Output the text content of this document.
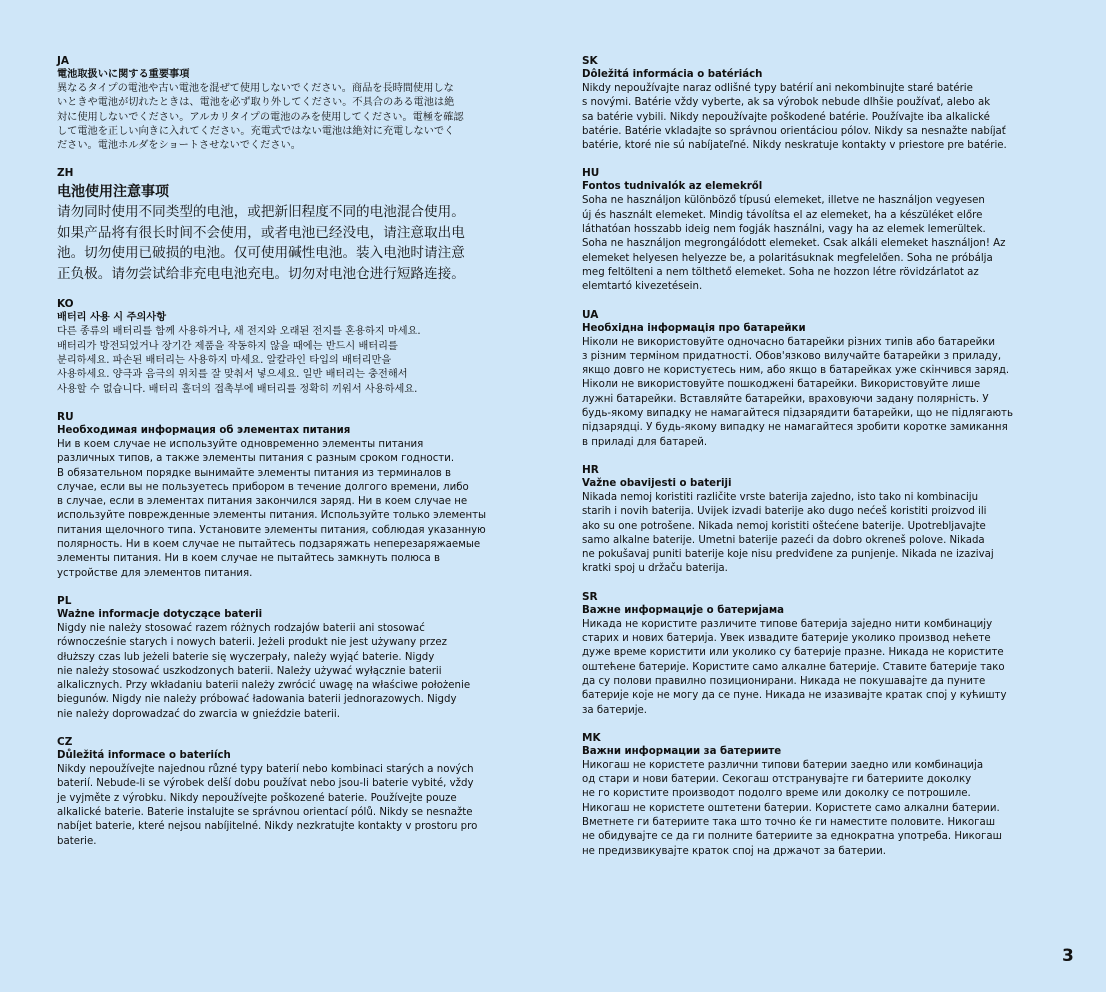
JA
電池取扱いに関する重要事項
異なるタイプの電池や古い電池を混ぜて使用しないでください。商品を長時間使用しな
いときや電池が切れたときは、電池を必ず取り外してください。不具合のある電池は絶
対に使用しないでください。アルカリタイプの電池のみを使用してください。電極を確認
して電池を正しい向きに入れてください。充電式ではない電池は絶対に充電しないでく
ださい。電池ホルダをショートさせないでください。
ZH
电池使用注意事项
请勿同时使用不同类型的电池，或把新旧程度不同的电池混合使用。
如果产品将有很长时间不会使用，或者电池已经没电，请注意取出电
池。切勿使用已破损的电池。仅可使用碱性电池。装入电池时请注意
正负极。请勿尝试给非充电电池充电。切勿对电池仓进行短路连接。
KO
배터리 사용 시 주의사항
다른 종류의 배터리를 함께 사용하거나, 새 전지와 오래된 전지를 혼용하지 마세요.
배터리가 방전되었거나 장기간 제품을 작동하지 않을 때에는 반드시 배터리를
분리하세요. 파손된 배터리는 사용하지 마세요. 알칼라인 타입의 배터리만을
사용하세요. 양극과 음극의 위치를 잘 맞춰서 넣으세요. 일반 배터리는 충전해서
사용할 수 없습니다. 배터리 홀더의 접촉부에 배터리를 정확히 끼워서 사용하세요.
RU
Необходимая информация об элементах питания
Ни в коем случае не используйте одновременно элементы питания
различных типов, а также элементы питания с разным сроком годности.
В обязательном порядке вынимайте элементы питания из терминалов в
случае, если вы не пользуетесь прибором в течение долгого времени, либо
в случае, если в элементах питания закончился заряд. Ни в коем случае не
используйте поврежденные элементы питания. Используйте только элементы
питания щелочного типа. Установите элементы питания, соблюдая указанную
полярность. Ни в коем случае не пытайтесь подзаряжать неперезаряжаемые
элементы питания. Ни в коем случае не пытайтесь замкнуть полюса в
устройстве для элементов питания.
PL
Ważne informacje dotyczące baterii
Nigdy nie należy stosować razem różnych rodzajów baterii ani stosować
równocześnie starych i nowych baterii. Jeżeli produkt nie jest używany przez
dłuższy czas lub jeżeli baterie się wyczerpały, należy wyjąć baterie. Nigdy
nie należy stosować uszkodzonych baterii. Należy używać wyłącznie baterii
alkalicznych. Przy wkładaniu baterii należy zwrócić uwagę na właściwe położenie
biegunów. Nigdy nie należy próbować ładowania baterii jednorazowych. Nigdy
nie należy doprowadzać do zwarcia w gnieździe baterii.
CZ
Důležitá informace o bateriích
Nikdy nepoužívejte najednou různé typy baterií nebo kombinaci starých a nových
baterií. Nebude-li se výrobek delší dobu používat nebo jsou-li baterie vybité, vždy
je vyjměte z výrobku. Nikdy nepoužívejte poškozené baterie. Používejte pouze
alkalické baterie. Baterie instalujte se správnou orientací pólů. Nikdy se nesnažte
nabíjet baterie, které nejsou nabíjitelné. Nikdy nezkratujte kontakty v prostoru pro
baterie.
SK
Dôležitá informácia o batériách
Nikdy nepoužívajte naraz odlišné typy batérií ani nekombinujte staré batérie
s novými. Batérie vždy vyberte, ak sa výrobok nebude dlhšie používať, alebo ak
sa batérie vybili. Nikdy nepoužívajte poškodené batérie. Používajte iba alkalické
batérie. Batérie vkladajte so správnou orientáciou pólov. Nikdy sa nesnažte nabíjať
batérie, ktoré nie sú nabíjateľné. Nikdy neskratuje kontakty v priestore pre batérie.
HU
Fontos tudnivalók az elemekről
Soha ne használjon különböző típusú elemeket, illetve ne használjon vegyesen
új és használt elemeket. Mindig távolítsa el az elemeket, ha a készüléket előre
láthatóan hosszabb ideig nem fogják használni, vagy ha az elemek lemerültek.
Soha ne használjon megrongálódott elemeket. Csak alkáli elemeket használjon! Az
elemeket helyesen helyezze be, a polaritásuknak megfelelően. Soha ne próbálja
meg feltölteni a nem tölthető elemeket. Soha ne hozzon létre rövidzárlatot az
elemtartó kivezetésein.
UA
Необхідна інформація про батарейки
Ніколи не використовуйте одночасно батарейки різних типів або батарейки
з різним терміном придатності. Обов'язково вилучайте батарейки з приладу,
якщо довго не користуєтесь ним, або якщо в батарейках уже скінчився заряд.
Ніколи не використовуйте пошкоджені батарейки. Використовуйте лише
лужні батарейки. Вставляйте батарейки, враховуючи задану полярність. У
будь-якому випадку не намагайтеся підзарядити батарейки, що не підлягають
підзарядці. У будь-якому випадку не намагайтеся зробити коротке замикання
в приладі для батарей.
HR
Važne obavijesti o bateriji
Nikada nemoj koristiti različite vrste baterija zajedno, isto tako ni kombinaciju
starih i novih baterija. Uvijek izvadi baterije ako dugo nećeš koristiti proizvod ili
ako su one potrošene. Nikada nemoj koristiti oštećene baterije. Upotrebljavajte
samo alkalne baterije. Umetni baterije pazeći da dobro okreneš polove. Nikada
ne pokušavaj puniti baterije koje nisu predviđene za punjenje. Nikada ne izazivaj
kratki spoj u držaču baterija.
SR
Важне информације о батеријама
Никада не користите различите типове батерија заједно нити комбинацију
старих и нових батерија. Увек извадите батерије уколико производ нећете
дуже време користити или уколико су батерије празне. Никада не користите
оштећене батерије. Користите само алкалне батерије. Ставите батерије тако
да су полови правилно позиционирани. Никада не покушавајте да пуните
батерије које не могу да се пуне. Никада не изазивајте кратак спој у кућишту
за батерије.
MK
Важни информации за батериите
Никогаш не користете различни типови батерии заедно или комбинација
од стари и нови батерии. Секогаш отстранувајте ги батериите доколку
не го користите производот подолго време или доколку се потрошиле.
Никогаш не користете оштетени батерии. Користете само алкални батерии.
Вметнете ги батериите така што точно ќе ги наместите половите. Никогаш
не обидувајте се да ги полните батериите за еднократна употреба. Никогаш
не предизвикувајте краток спој на држачот за батерии.
3
